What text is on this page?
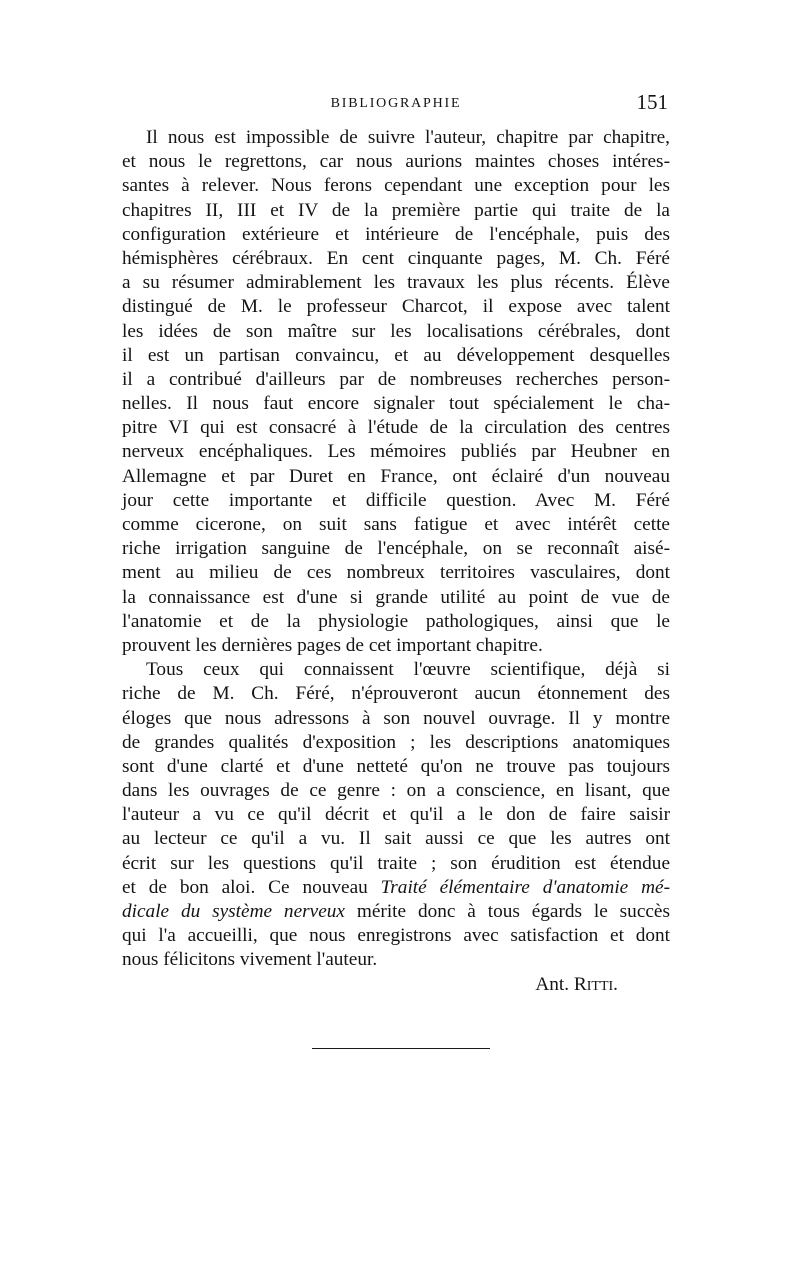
BIBLIOGRAPHIE	151
Il nous est impossible de suivre l'auteur, chapitre par chapitre,
et nous le regrettons, car nous aurions maintes choses intéres-
santes à relever. Nous ferons cependant une exception pour les
chapitres II, III et IV de la première partie qui traite de la
configuration extérieure et intérieure de l'encéphale, puis des
hémisphères cérébraux. En cent cinquante pages, M. Ch. Féré
a su résumer admirablement les travaux les plus récents. Élève
distingué de M. le professeur Charcot, il expose avec talent
les idées de son maître sur les localisations cérébrales, dont
il est un partisan convaincu, et au développement desquelles
il a contribué d'ailleurs par de nombreuses recherches person-
nelles. Il nous faut encore signaler tout spécialement le cha-
pitre VI qui est consacré à l'étude de la circulation des centres
nerveux encéphaliques. Les mémoires publiés par Heubner en
Allemagne et par Duret en France, ont éclairé d'un nouveau
jour cette importante et difficile question. Avec M. Féré
comme cicerone, on suit sans fatigue et avec intérêt cette
riche irrigation sanguine de l'encéphale, on se reconnaît aisé-
ment au milieu de ces nombreux territoires vasculaires, dont
la connaissance est d'une si grande utilité au point de vue de
l'anatomie et de la physiologie pathologiques, ainsi que le
prouvent les dernières pages de cet important chapitre.
Tous ceux qui connaissent l'œuvre scientifique, déjà si
riche de M. Ch. Féré, n'éprouveront aucun étonnement des
éloges que nous adressons à son nouvel ouvrage. Il y montre
de grandes qualités d'exposition ; les descriptions anatomiques
sont d'une clarté et d'une netteté qu'on ne trouve pas toujours
dans les ouvrages de ce genre : on a conscience, en lisant, que
l'auteur a vu ce qu'il décrit et qu'il a le don de faire saisir
au lecteur ce qu'il a vu. Il sait aussi ce que les autres ont
écrit sur les questions qu'il traite ; son érudition est étendue
et de bon aloi. Ce nouveau Traité élémentaire d'anatomie mé-
dicale du système nerveux mérite donc à tous égards le succès
qui l'a accueilli, que nous enregistrons avec satisfaction et dont
nous félicitons vivement l'auteur.
Ant. Ritti.
